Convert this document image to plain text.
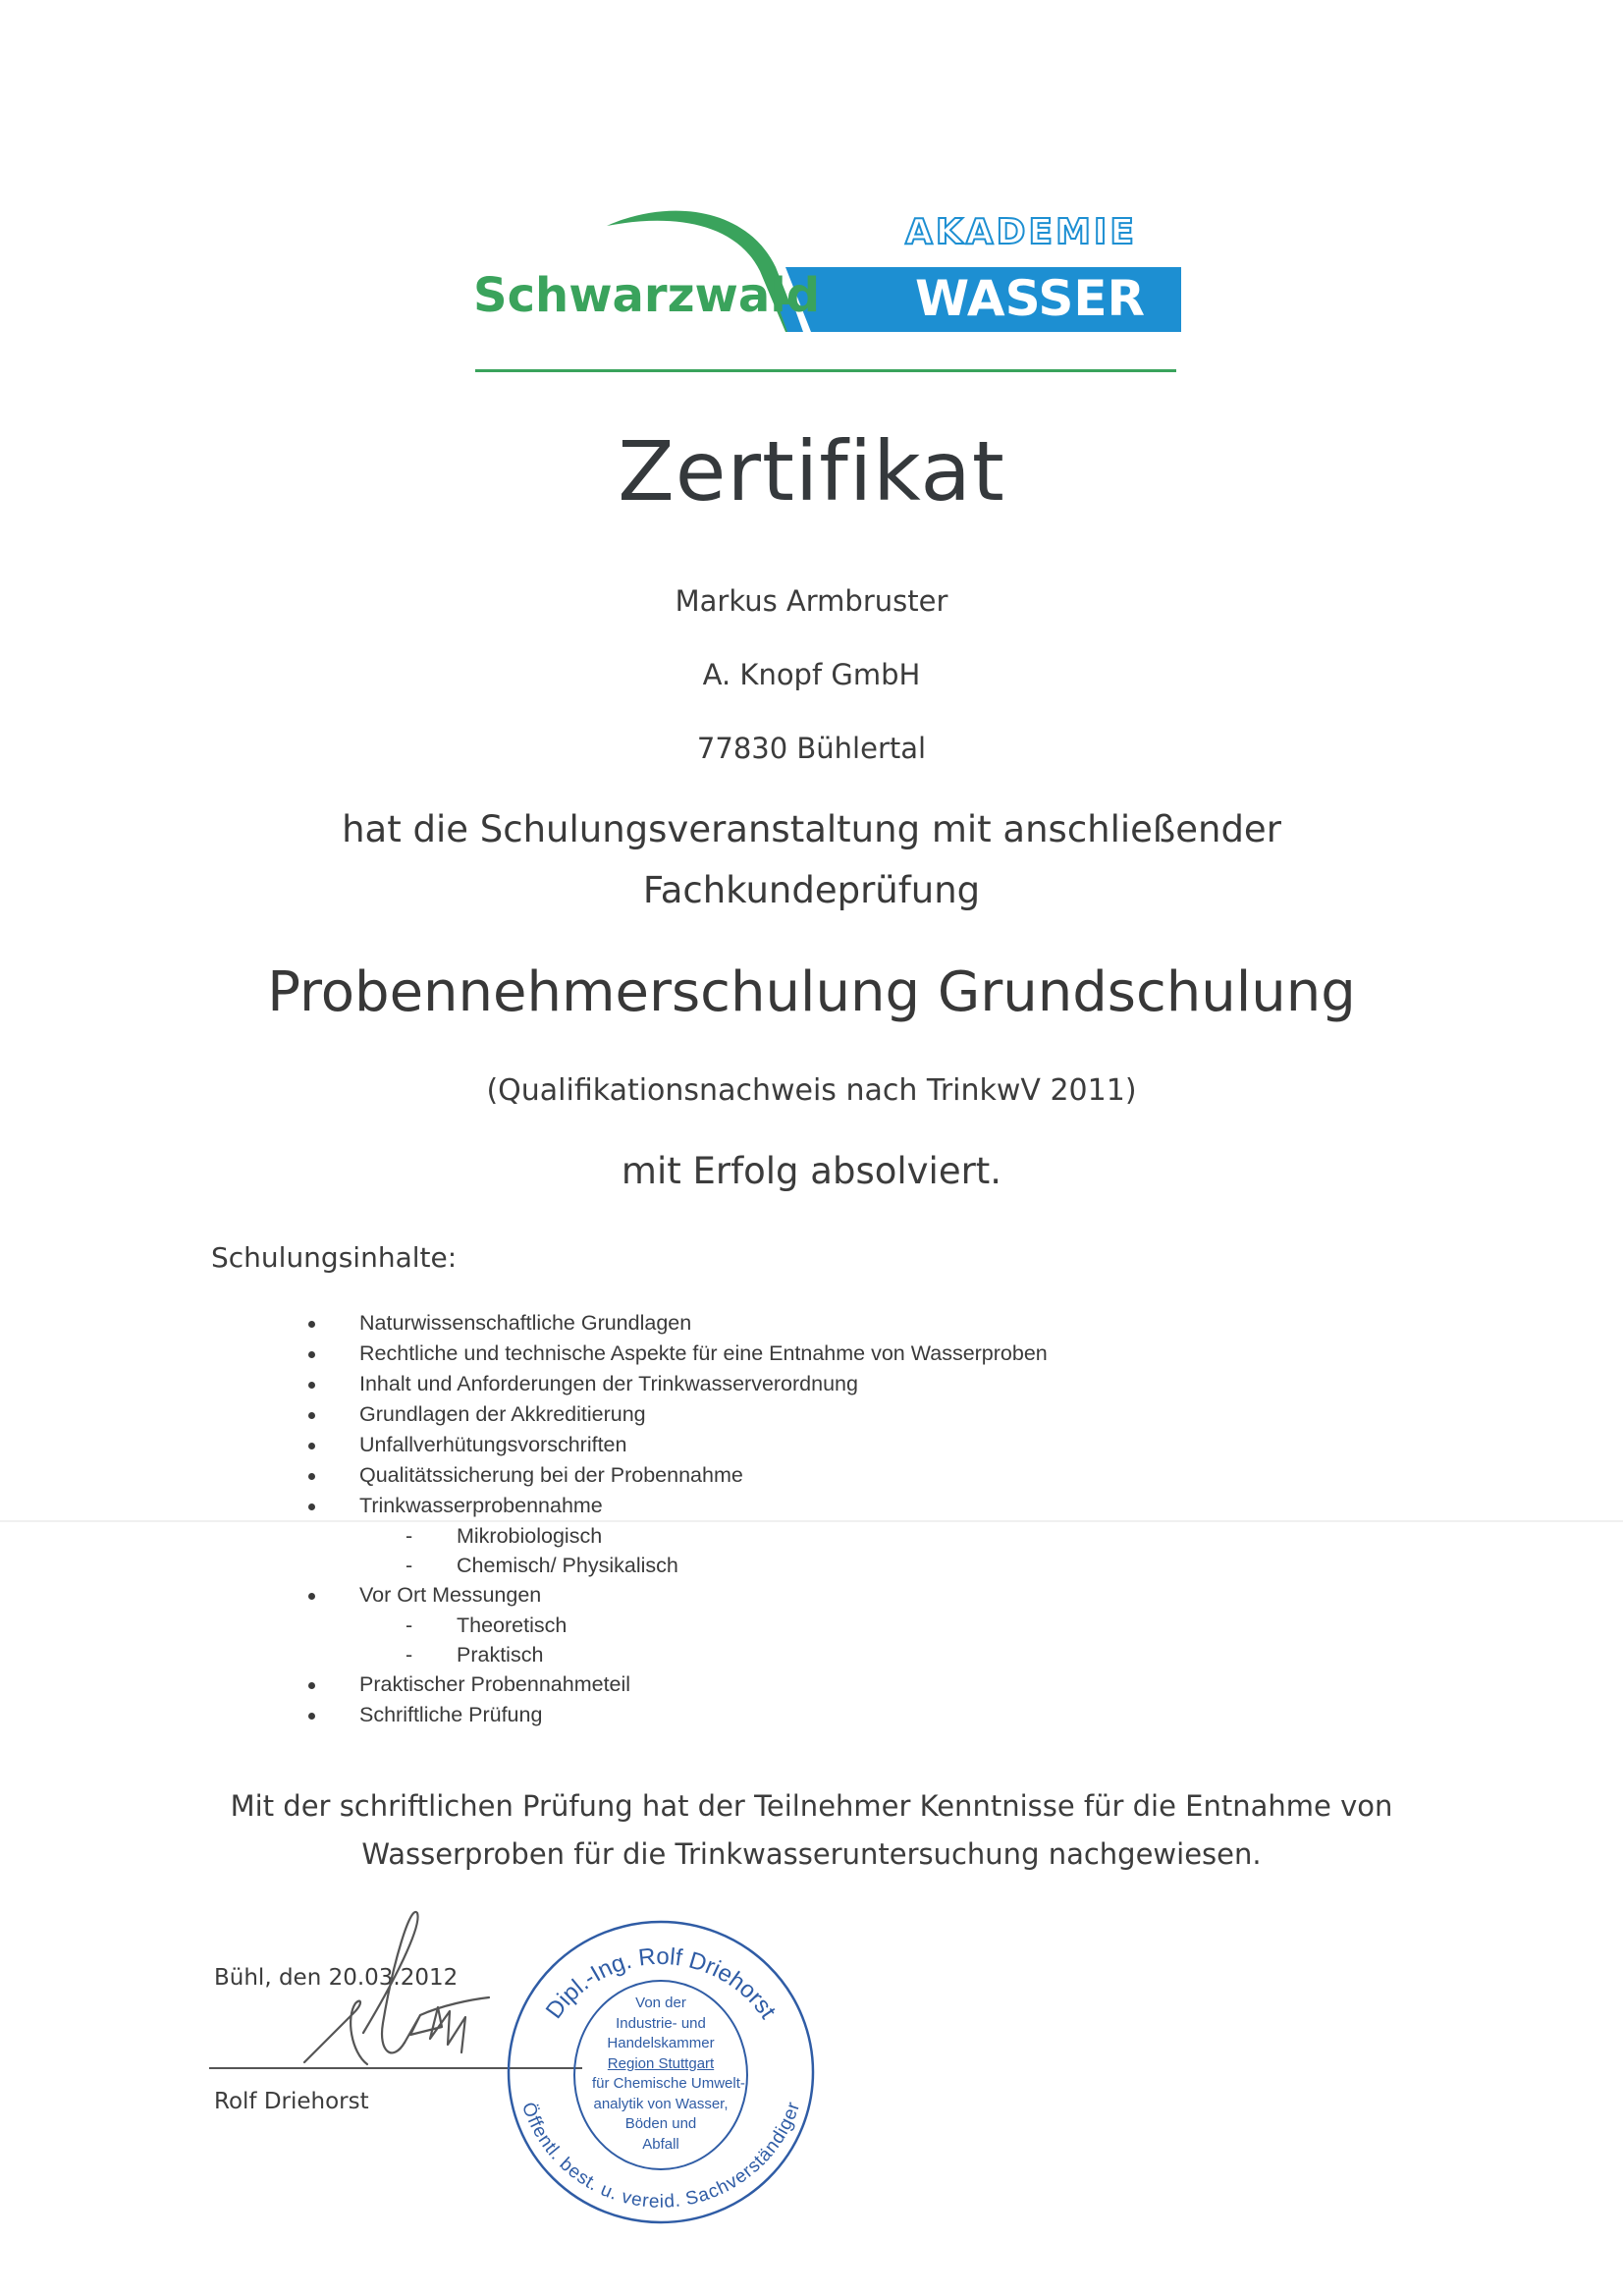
Schwarzwald
AKADEMIE
WASSER
Zertifikat
Markus Armbruster
A. Knopf GmbH
77830 Bühlertal
hat die Schulungsveranstaltung mit anschließender
Fachkundeprüfung
Probennehmerschulung Grundschulung
(Qualifikationsnachweis nach TrinkwV 2011)
mit Erfolg absolviert.
Schulungsinhalte:
Naturwissenschaftliche Grundlagen
Rechtliche und technische Aspekte für eine Entnahme von Wasserproben
Inhalt und Anforderungen der Trinkwasserverordnung
Grundlagen der Akkreditierung
Unfallverhütungsvorschriften
Qualitätssicherung bei der Probennahme
Trinkwasserprobennahme
- Mikrobiologisch
- Chemisch/ Physikalisch
Vor Ort Messungen
- Theoretisch
- Praktisch
Praktischer Probennahmeteil
Schriftliche Prüfung
Mit der schriftlichen Prüfung hat der Teilnehmer Kenntnisse für die Entnahme von
Wasserproben für die Trinkwasseruntersuchung nachgewiesen.
Bühl, den 20.03.2012
Rolf Driehorst
Dipl.-Ing. Rolf Driehorst
Öffentl. best. u. vereid. Sachverständiger
Von der
Industrie- und
Handelskammer
Region Stuttgart
für Chemische Umwelt-
analytik von Wasser,
Böden und
Abfall
